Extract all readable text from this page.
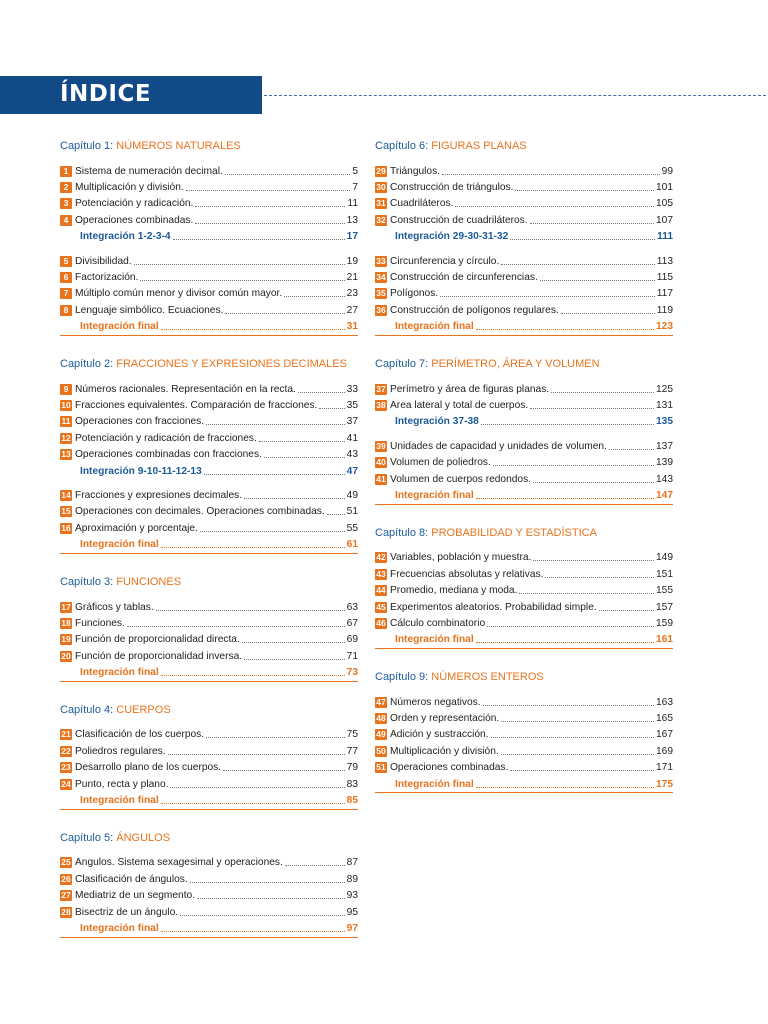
ÍNDICE
Capítulo 1: NÚMEROS NATURALES
1 Sistema de numeración decimal.	5
2 Multiplicación y división.	7
3 Potenciación y radicación.	11
4 Operaciones combinadas.	13
Integración 1-2-3-4	17
5 Divisibilidad.	19
6 Factorización.	21
7 Múltiplo común menor y divisor común mayor.	23
8 Lenguaje simbólico. Ecuaciones.	27
Integración final	31
Capítulo 2: FRACCIONES Y EXPRESIONES DECIMALES
9 Números racionales. Representación en la recta.	33
10 Fracciones equivalentes. Comparación de fracciones.	35
11 Operaciones con fracciones.	37
12 Potenciación y radicación de fracciones.	41
13 Operaciones combinadas con fracciones.	43
Integración 9-10-11-12-13	47
14 Fracciones y expresiones decimales.	49
15 Operaciones con decimales. Operaciones combinadas. 51
16 Aproximación y porcentaje.	55
Integración final	61
Capítulo 3: FUNCIONES
17 Gráficos y tablas.	63
18 Funciones.	67
19 Función de proporcionalidad directa.	69
20 Función de proporcionalidad inversa.	71
Integración final	73
Capítulo 4: CUERPOS
21 Clasificación de los cuerpos.	75
22 Poliedros regulares.	77
23 Desarrollo plano de los cuerpos.	79
24 Punto, recta y plano.	83
Integración final	85
Capítulo 5: ÁNGULOS
25 Ángulos. Sistema sexagesimal y operaciones.	87
26 Clasificación de ángulos.	89
27 Mediatriz de un segmento.	93
28 Bisectriz de un ángulo.	95
Integración final	97
Capítulo 6: FIGURAS PLANAS
29 Triángulos.	99
30 Construcción de triángulos.	101
31 Cuadriláteros.	105
32 Construcción de cuadriláteros.	107
Integración 29-30-31-32	111
33 Circunferencia y círculo.	113
34 Construcción de circunferencias.	115
35 Polígonos.	117
36 Construcción de polígonos regulares.	119
Integración final	123
Capítulo 7: PERÍMETRO, ÁREA Y VOLUMEN
37 Perímetro y área de figuras planas.	125
38 Área lateral y total de cuerpos.	131
Integración 37-38	135
39 Unidades de capacidad y unidades de volumen.	137
40 Volumen de poliedros.	139
41 Volumen de cuerpos redondos.	143
Integración final	147
Capítulo 8: PROBABILIDAD Y ESTADÍSTICA
42 Variables, población y muestra.	149
43 Frecuencias absolutas y relativas.	151
44 Promedio, mediana y moda.	155
45 Experimentos aleatorios. Probabilidad simple.	157
46 Cálculo combinatorio	159
Integración final	161
Capítulo 9: NÚMEROS ENTEROS
47 Números negativos.	163
48 Orden y representación.	165
49 Adición y sustracción.	167
50 Multiplicación y división.	169
51 Operaciones combinadas.	171
Integración final	175
